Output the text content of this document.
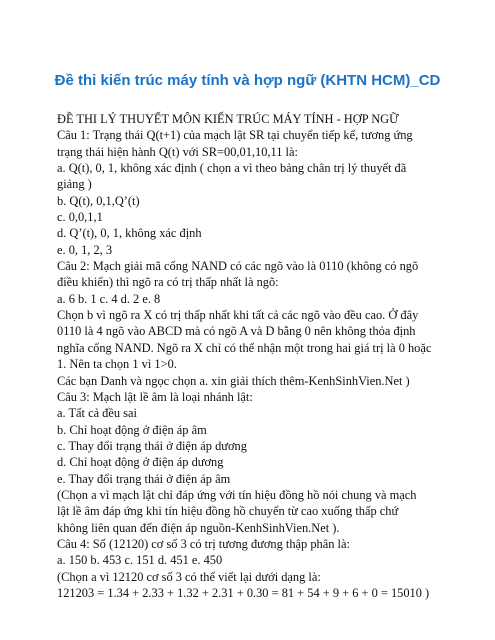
Đề thi kiến trúc máy tính và hợp ngữ (KHTN HCM)_CD
ĐỀ THI LÝ THUYẾT MÔN KIẾN TRÚC MÁY TÍNH - HỢP NGỮ
Câu 1: Trạng thái Q(t+1) của mạch lật SR tại chuyển tiếp kế, tương ứng
trạng thái hiện hành Q(t) với SR=00,01,10,11 là:
a. Q(t), 0, 1, không xác định ( chọn a vì theo bảng chân trị lý thuyết đã
giảng )
b. Q(t), 0,1,Q’(t)
c. 0,0,1,1
d. Q’(t), 0, 1, không xác định
e. 0, 1, 2, 3
Câu 2: Mạch giải mã cổng NAND có các ngõ vào là 0110 (không có ngõ
điều khiển) thì ngõ ra có trị thấp nhất là ngõ:
a. 6 b. 1 c. 4 d. 2 e. 8
Chọn b vì ngõ ra X có trị thấp nhất khi tất cả các ngõ vào đều cao. Ở đây
0110 là 4 ngõ vào ABCD mà có ngõ A và D bằng 0 nên không thỏa định
nghĩa cổng NAND. Ngõ ra X chỉ có thể nhận một trong hai giá trị là 0 hoặc
1. Nên ta chọn 1 vì 1>0.
Các bạn Danh và ngọc chọn a. xin giải thích thêm-KenhSinhVien.Net )
Câu 3: Mạch lật lề âm là loại nhánh lật:
a. Tất cả đều sai
b. Chỉ hoạt động ở điện áp âm
c. Thay đổi trạng thái ở điện áp dương
d. Chỉ hoạt động ở điện áp dương
e. Thay đổi trạng thái ở điện áp âm
(Chọn a vì mạch lật chỉ đáp ứng với tín hiệu đồng hồ nói chung và mạch
lật lề âm đáp ứng khi tín hiệu đồng hồ chuyển từ cao xuống thấp chứ
không liên quan đến điện áp nguồn-KenhSinhVien.Net ).
Câu 4: Số (12120) cơ số 3 có trị tương đương thập phân là:
a. 150 b. 453 c. 151 d. 451 e. 450
(Chọn a vì 12120 cơ số 3 có thể viết lại dưới dạng là:
121203 = 1.34 + 2.33 + 1.32 + 2.31 + 0.30 = 81 + 54 + 9 + 6 + 0 = 15010 )
